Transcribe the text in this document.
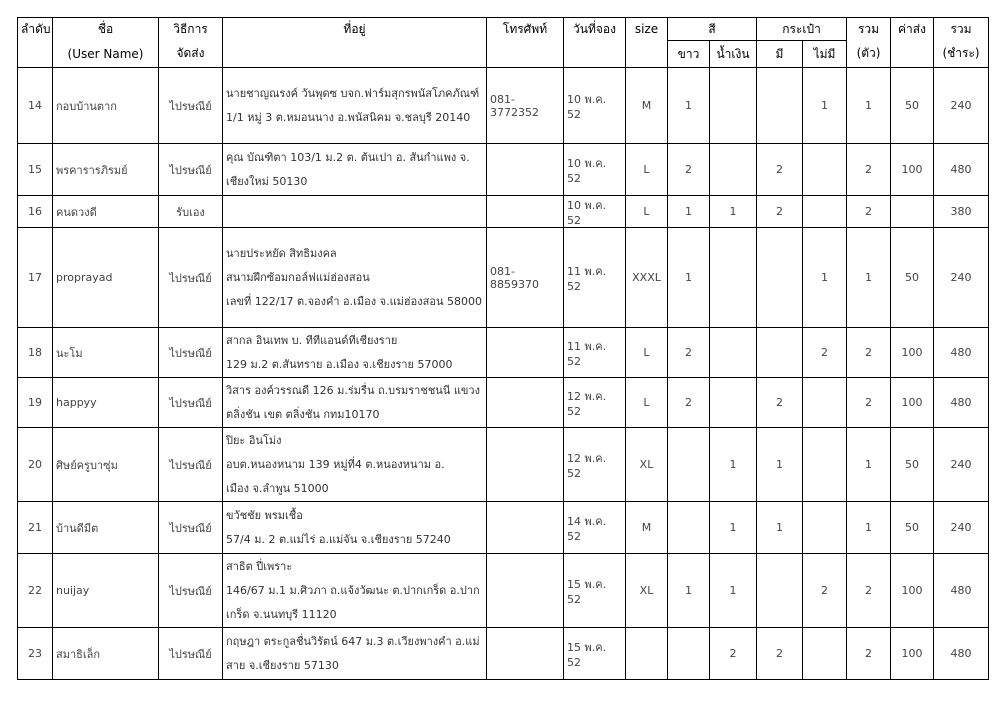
ลำดับ	ชื่อ	วิธีการ	ที่อยู่	โทรศัพท์	วันที่จอง	size	สี		กระเป๋า		รวม	ค่าส่ง	รวม
	(User Name)	จัดส่ง					ขาว	น้ำเงิน	มี	ไม่มี	(ตัว)		(ชำระ)
14	กอบบ้านตาก	ไปรษณีย์	นายชาญณรงค์ วันพุดซ บจก.ฟาร์มสุกรพนัสโภคภัณฑ์
1/1 หมู่ 3 ต.หมอนนาง อ.พนัสนิคม จ.ชลบุรี 20140	081-3772352	10 พ.ค. 52	M	1			1	1	50	240
15	พรคารารภิรมย์	ไปรษณีย์	คุณ บัณฑิตา 103/1 ม.2 ต. ต้นเปา อ. สันกำแพง จ.
เชียงใหม่ 50130		10 พ.ค. 52	L	2		2		2	100	480
16	คนดวงดี	รับเอง			10 พ.ค. 52	L	1	1	2		2		380
17	proprayad	ไปรษณีย์	นายประหยัด สิทธิมงคล
สนามฝึกซ้อมกอล์ฟแม่ฮ่องสอน
เลขที่ 122/17 ต.จองคำ อ.เมือง จ.แม่ฮ่องสอน 58000	081-8859370	11 พ.ค. 52	XXXL	1			1	1	50	240
18	นะโม	ไปรษณีย์	สากล อินเทพ บ. ทีทีแอนด์ทีเชียงราย
129 ม.2 ต.สันทราย อ.เมือง จ.เชียงราย 57000		11 พ.ค. 52	L	2			2	2	100	480
19	happyy	ไปรษณีย์	วิสาร องค์วรรณดี 126 ม.ร่มรื่น ถ.บรมราชชนนี แขวง
ตลิ่งชัน เขต ตลิ่งชัน กทม10170		12 พ.ค. 52	L	2		2		2	100	480
20	ศิษย์ครูบาซุ่ม	ไปรษณีย์	ปิยะ อินโม่ง
อบต.หนองหนาม 139 หมู่ที่4 ต.หนองหนาม อ.
เมือง จ.ลำพูน 51000		12 พ.ค. 52	XL		1	1		1	50	240
21	บ้านดีมีต	ไปรษณีย์	ขวัชชัย พรมเชื้อ
57/4 ม. 2 ต.แม่ไร่ อ.แม่จัน จ.เชียงราย 57240		14 พ.ค. 52	M		1	1		1	50	240
22	nuijay	ไปรษณีย์	สาธิต ปี่เพราะ
146/67 ม.1 ม.ศิวภา ถ.แจ้งวัฒนะ ต.ปากเกร็ด อ.ปาก
เกร็ด จ.นนทบุรี 11120		15 พ.ค. 52	XL	1	1		2	2	100	480
23	สมาธิเล็ก	ไปรษณีย์	กฤษฎา ตระกูลชื่นวิรัตน์ 647 ม.3 ต.เวียงพางคำ อ.แม่
สาย จ.เชียงราย 57130		15 พ.ค. 52			2	2		2	100	480
